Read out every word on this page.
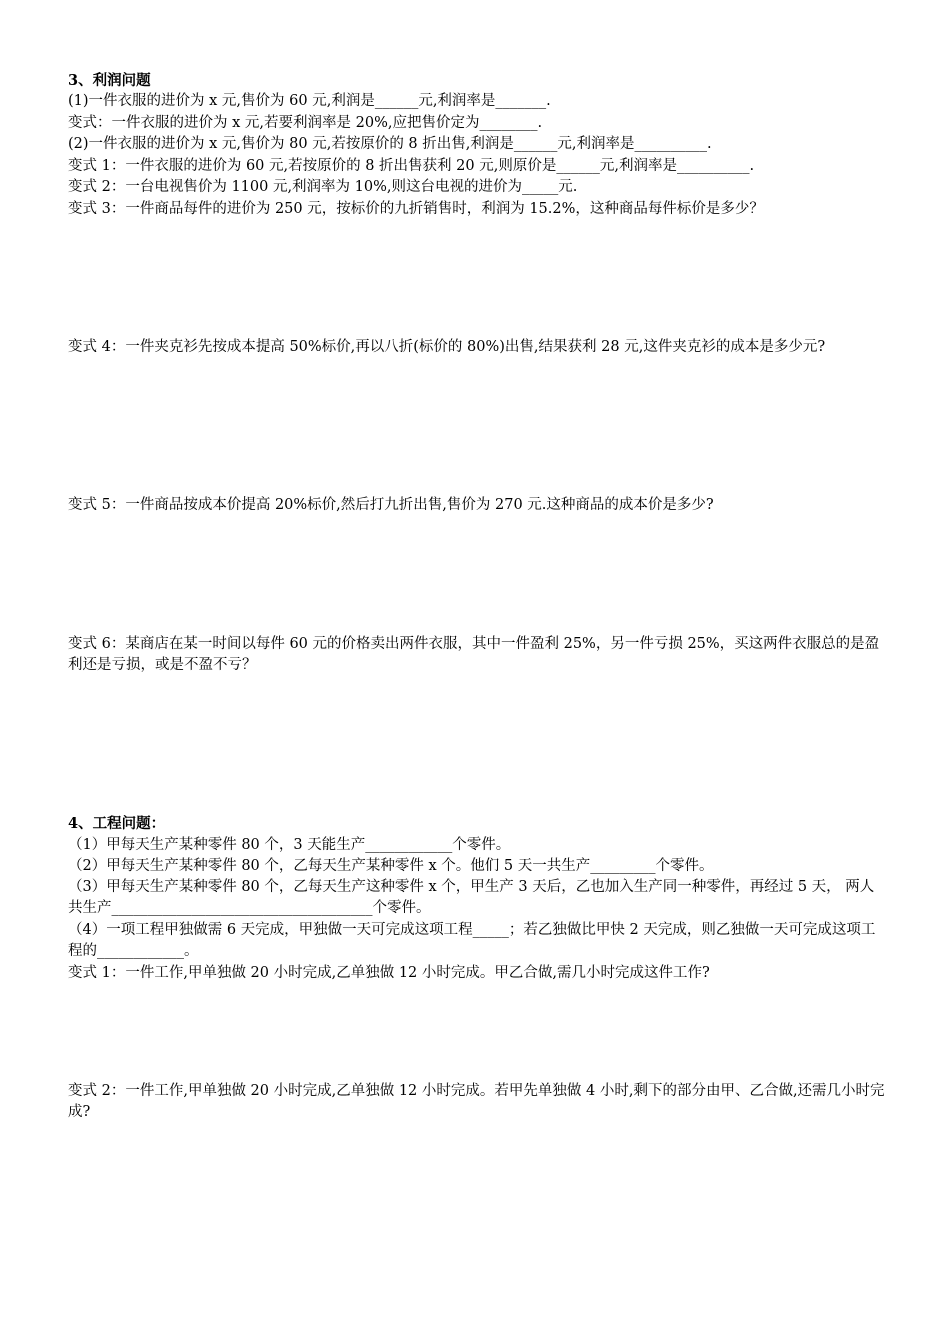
3、利润问题
(1)一件衣服的进价为 x 元,售价为 60 元,利润是______元,利润率是_______.
变式：一件衣服的进价为 x 元,若要利润率是 20%,应把售价定为________.
(2)一件衣服的进价为 x 元,售价为 80 元,若按原价的 8 折出售,利润是______元,利润率是__________.
变式 1：一件衣服的进价为 60 元,若按原价的 8 折出售获利 20 元,则原价是______元,利润率是__________.
变式 2：一台电视售价为 1100 元,利润率为 10%,则这台电视的进价为_____元.
变式 3：一件商品每件的进价为 250 元，按标价的九折销售时，利润为 15.2%，这种商品每件标价是多少？
变式 4：一件夹克衫先按成本提高 50%标价,再以八折(标价的 80%)出售,结果获利 28 元,这件夹克衫的成本是多少元?
变式 5：一件商品按成本价提高 20%标价,然后打九折出售,售价为 270 元.这种商品的成本价是多少?
变式 6：某商店在某一时间以每件 60 元的价格卖出两件衣服，其中一件盈利 25%，另一件亏损 25%，买这两件衣服总的是盈利还是亏损，或是不盈不亏？
4、工程问题：
（1）甲每天生产某种零件 80 个，3 天能生产____________个零件。
（2）甲每天生产某种零件 80 个，乙每天生产某种零件 x 个。他们 5 天一共生产_________个零件。
（3）甲每天生产某种零件 80 个，乙每天生产这种零件 x 个，甲生产 3 天后，乙也加入生产同一种零件，再经过 5 天， 两人共生产____________________________________个零件。
（4）一项工程甲独做需 6 天完成，甲独做一天可完成这项工程_____；若乙独做比甲快 2 天完成，则乙独做一天可完成这项工程的____________。
变式 1：一件工作,甲单独做 20 小时完成,乙单独做 12 小时完成。甲乙合做,需几小时完成这件工作?
变式 2：一件工作,甲单独做 20 小时完成,乙单独做 12 小时完成。若甲先单独做 4 小时,剩下的部分由甲、乙合做,还需几小时完成?
